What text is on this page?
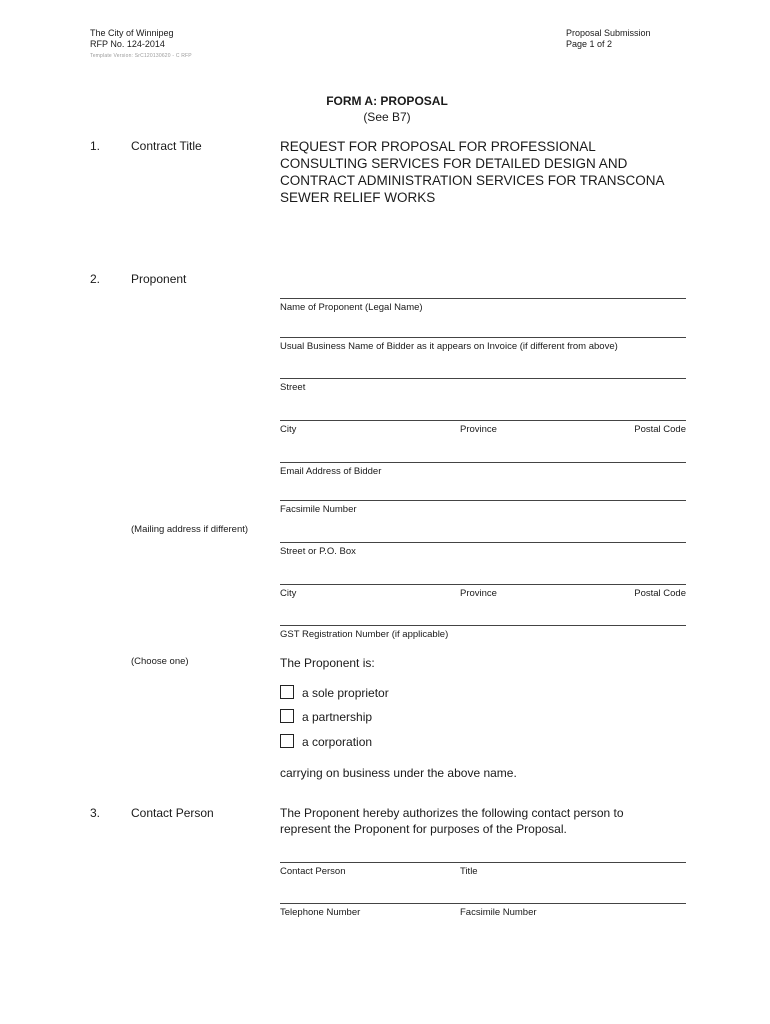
The City of Winnipeg
RFP No. 124-2014
Template Version: SrC120130620 - C RFP
Proposal Submission
Page 1 of 2
FORM A: PROPOSAL
(See B7)
1.	Contract Title	REQUEST FOR PROPOSAL FOR PROFESSIONAL
CONSULTING SERVICES FOR DETAILED DESIGN AND
CONTRACT ADMINISTRATION SERVICES FOR TRANSCONA
SEWER RELIEF WORKS
2.	Proponent
Name of Proponent (Legal Name)
Usual Business Name of Bidder as it appears on Invoice (if different from above)
Street
City	Province	Postal Code
Email Address of Bidder
Facsimile Number
(Mailing address if different)
Street or P.O. Box
City	Province	Postal Code
GST Registration Number (if applicable)
(Choose one)	The Proponent is:
a sole proprietor
a partnership
a corporation
carrying on business under the above name.
3.	Contact Person	The Proponent hereby authorizes the following contact person to
represent the Proponent for purposes of the Proposal.
Contact Person	Title
Telephone Number	Facsimile Number
